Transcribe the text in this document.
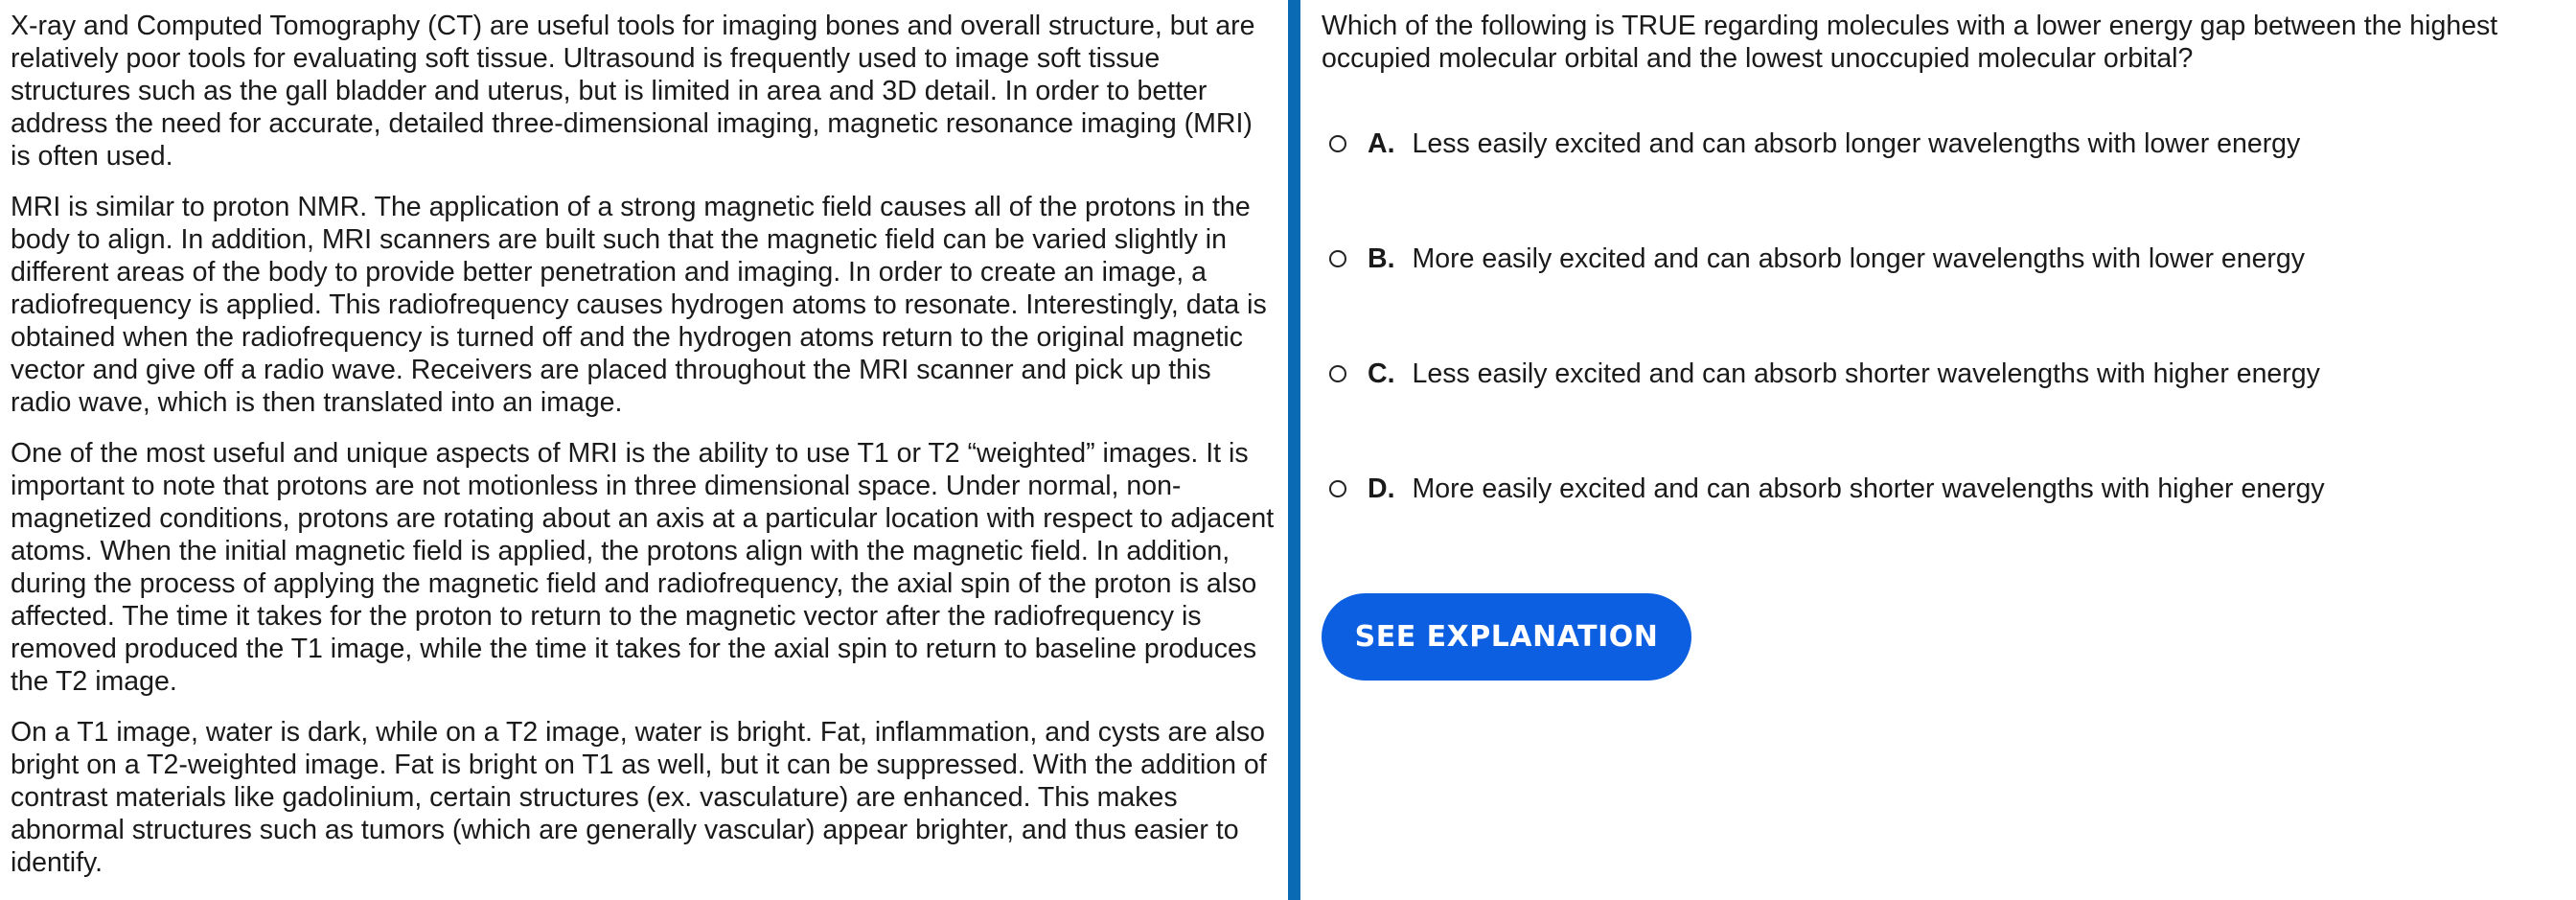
X-ray and Computed Tomography (CT) are useful tools for imaging bones and overall structure, but are relatively poor tools for evaluating soft tissue. Ultrasound is frequently used to image soft tissue structures such as the gall bladder and uterus, but is limited in area and 3D detail. In order to better address the need for accurate, detailed three-dimensional imaging, magnetic resonance imaging (MRI) is often used.

MRI is similar to proton NMR. The application of a strong magnetic field causes all of the protons in the body to align. In addition, MRI scanners are built such that the magnetic field can be varied slightly in different areas of the body to provide better penetration and imaging. In order to create an image, a radiofrequency is applied. This radiofrequency causes hydrogen atoms to resonate. Interestingly, data is obtained when the radiofrequency is turned off and the hydrogen atoms return to the original magnetic vector and give off a radio wave. Receivers are placed throughout the MRI scanner and pick up this radio wave, which is then translated into an image.

One of the most useful and unique aspects of MRI is the ability to use T1 or T2 “weighted” images. It is important to note that protons are not motionless in three dimensional space. Under normal, non-magnetized conditions, protons are rotating about an axis at a particular location with respect to adjacent atoms. When the initial magnetic field is applied, the protons align with the magnetic field. In addition, during the process of applying the magnetic field and radiofrequency, the axial spin of the proton is also affected. The time it takes for the proton to return to the magnetic vector after the radiofrequency is removed produced the T1 image, while the time it takes for the axial spin to return to baseline produces the T2 image.

On a T1 image, water is dark, while on a T2 image, water is bright. Fat, inflammation, and cysts are also bright on a T2-weighted image. Fat is bright on T1 as well, but it can be suppressed. With the addition of contrast materials like gadolinium, certain structures (ex. vasculature) are enhanced. This makes abnormal structures such as tumors (which are generally vascular) appear brighter, and thus easier to identify.

Which of the following is TRUE regarding molecules with a lower energy gap between the highest occupied molecular orbital and the lowest unoccupied molecular orbital?

A. Less easily excited and can absorb longer wavelengths with lower energy
B. More easily excited and can absorb longer wavelengths with lower energy
C. Less easily excited and can absorb shorter wavelengths with higher energy
D. More easily excited and can absorb shorter wavelengths with higher energy
SEE EXPLANATION
